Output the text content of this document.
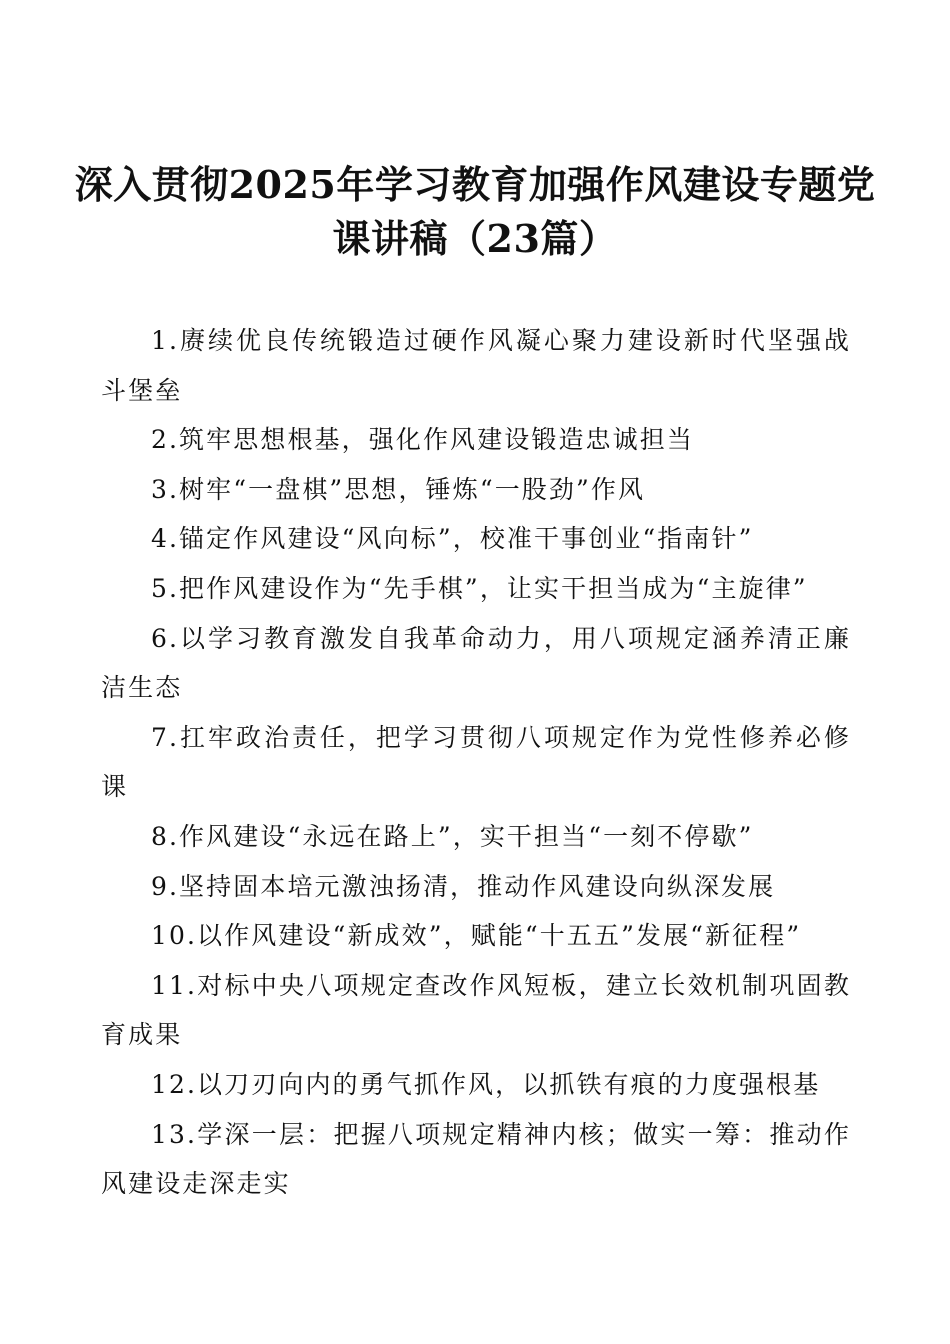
深入贯彻2025年学习教育加强作风建设专题党课讲稿（23篇）
1.赓续优良传统锻造过硬作风凝心聚力建设新时代坚强战斗堡垒
2.筑牢思想根基，强化作风建设锻造忠诚担当
3.树牢“一盘棋”思想，锤炼“一股劲”作风
4.锚定作风建设“风向标”，校准干事创业“指南针”
5.把作风建设作为“先手棋”，让实干担当成为“主旋律”
6.以学习教育激发自我革命动力，用八项规定涵养清正廉洁生态
7.扛牢政治责任，把学习贯彻八项规定作为党性修养必修课
8.作风建设“永远在路上”，实干担当“一刻不停歇”
9.坚持固本培元激浊扬清，推动作风建设向纵深发展
10.以作风建设“新成效”，赋能“十五五”发展“新征程”
11.对标中央八项规定查改作风短板，建立长效机制巩固教育成果
12.以刀刃向内的勇气抓作风，以抓铁有痕的力度强根基
13.学深一层：把握八项规定精神内核；做实一筹：推动作风建设走深走实
